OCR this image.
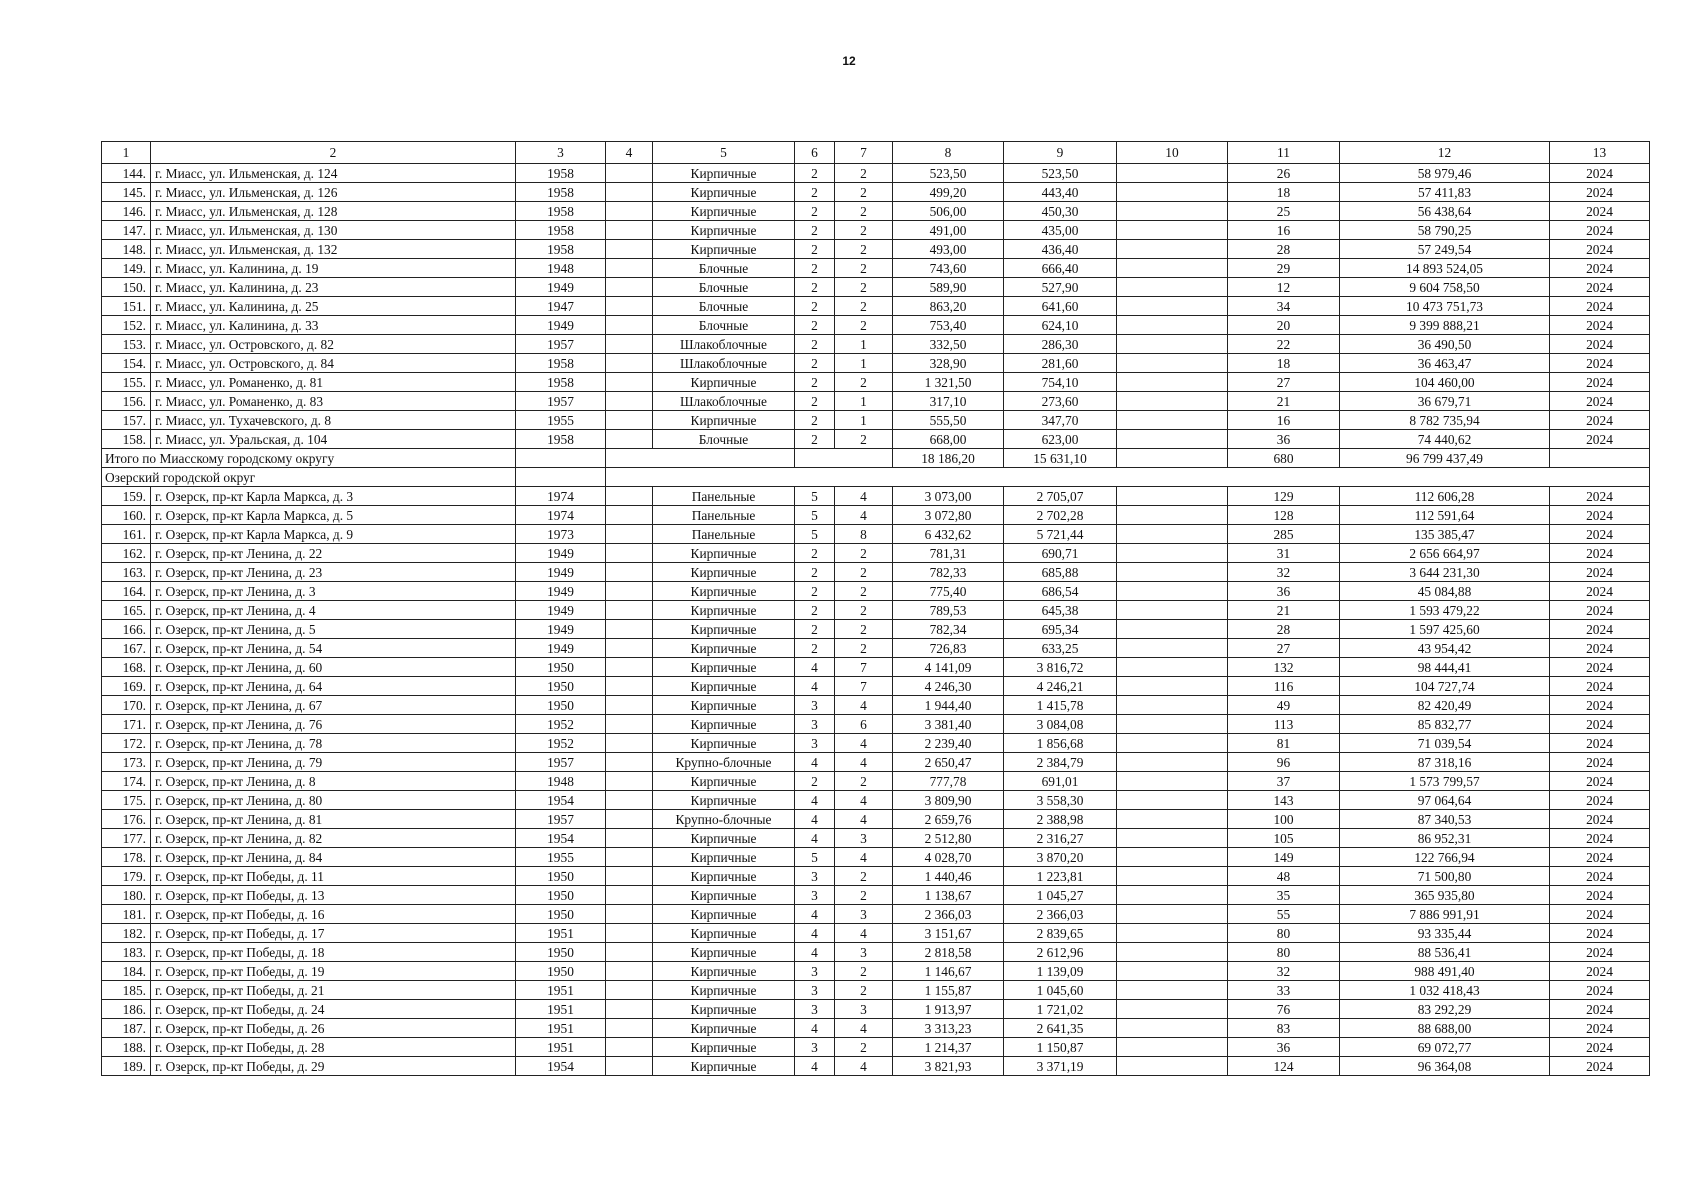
12
1	2	3	4	5	6	7	8	9	10	11	12	13
144.	г. Миасс, ул. Ильменская, д. 124	1958		Кирпичные	2	2	523,50	523,50		26	58 979,46	2024
145.	г. Миасс, ул. Ильменская, д. 126	1958		Кирпичные	2	2	499,20	443,40		18	57 411,83	2024
146.	г. Миасс, ул. Ильменская, д. 128	1958		Кирпичные	2	2	506,00	450,30		25	56 438,64	2024
147.	г. Миасс, ул. Ильменская, д. 130	1958		Кирпичные	2	2	491,00	435,00		16	58 790,25	2024
148.	г. Миасс, ул. Ильменская, д. 132	1958		Кирпичные	2	2	493,00	436,40		28	57 249,54	2024
149.	г. Миасс, ул. Калинина, д. 19	1948		Блочные	2	2	743,60	666,40		29	14 893 524,05	2024
150.	г. Миасс, ул. Калинина, д. 23	1949		Блочные	2	2	589,90	527,90		12	9 604 758,50	2024
151.	г. Миасс, ул. Калинина, д. 25	1947		Блочные	2	2	863,20	641,60		34	10 473 751,73	2024
152.	г. Миасс, ул. Калинина, д. 33	1949		Блочные	2	2	753,40	624,10		20	9 399 888,21	2024
153.	г. Миасс, ул. Островского, д. 82	1957		Шлакоблочные	2	1	332,50	286,30		22	36 490,50	2024
154.	г. Миасс, ул. Островского, д. 84	1958		Шлакоблочные	2	1	328,90	281,60		18	36 463,47	2024
155.	г. Миасс, ул. Романенко, д. 81	1958		Кирпичные	2	2	1 321,50	754,10		27	104 460,00	2024
156.	г. Миасс, ул. Романенко, д. 83	1957		Шлакоблочные	2	1	317,10	273,60		21	36 679,71	2024
157.	г. Миасс, ул. Тухачевского, д. 8	1955		Кирпичные	2	1	555,50	347,70		16	8 782 735,94	2024
158.	г. Миасс, ул. Уральская, д. 104	1958		Блочные	2	2	668,00	623,00		36	74 440,62	2024
Итого по Миасскому городскому округу							18 186,20	15 631,10		680	96 799 437,49	
Озерский городской округ												
159.	г. Озерск, пр-кт Карла Маркса, д. 3	1974		Панельные	5	4	3 073,00	2 705,07		129	112 606,28	2024
160.	г. Озерск, пр-кт Карла Маркса, д. 5	1974		Панельные	5	4	3 072,80	2 702,28		128	112 591,64	2024
161.	г. Озерск, пр-кт Карла Маркса, д. 9	1973		Панельные	5	8	6 432,62	5 721,44		285	135 385,47	2024
162.	г. Озерск, пр-кт Ленина, д. 22	1949		Кирпичные	2	2	781,31	690,71		31	2 656 664,97	2024
163.	г. Озерск, пр-кт Ленина, д. 23	1949		Кирпичные	2	2	782,33	685,88		32	3 644 231,30	2024
164.	г. Озерск, пр-кт Ленина, д. 3	1949		Кирпичные	2	2	775,40	686,54		36	45 084,88	2024
165.	г. Озерск, пр-кт Ленина, д. 4	1949		Кирпичные	2	2	789,53	645,38		21	1 593 479,22	2024
166.	г. Озерск, пр-кт Ленина, д. 5	1949		Кирпичные	2	2	782,34	695,34		28	1 597 425,60	2024
167.	г. Озерск, пр-кт Ленина, д. 54	1949		Кирпичные	2	2	726,83	633,25		27	43 954,42	2024
168.	г. Озерск, пр-кт Ленина, д. 60	1950		Кирпичные	4	7	4 141,09	3 816,72		132	98 444,41	2024
169.	г. Озерск, пр-кт Ленина, д. 64	1950		Кирпичные	4	7	4 246,30	4 246,21		116	104 727,74	2024
170.	г. Озерск, пр-кт Ленина, д. 67	1950		Кирпичные	3	4	1 944,40	1 415,78		49	82 420,49	2024
171.	г. Озерск, пр-кт Ленина, д. 76	1952		Кирпичные	3	6	3 381,40	3 084,08		113	85 832,77	2024
172.	г. Озерск, пр-кт Ленина, д. 78	1952		Кирпичные	3	4	2 239,40	1 856,68		81	71 039,54	2024
173.	г. Озерск, пр-кт Ленина, д. 79	1957		Крупно-блочные	4	4	2 650,47	2 384,79		96	87 318,16	2024
174.	г. Озерск, пр-кт Ленина, д. 8	1948		Кирпичные	2	2	777,78	691,01		37	1 573 799,57	2024
175.	г. Озерск, пр-кт Ленина, д. 80	1954		Кирпичные	4	4	3 809,90	3 558,30		143	97 064,64	2024
176.	г. Озерск, пр-кт Ленина, д. 81	1957		Крупно-блочные	4	4	2 659,76	2 388,98		100	87 340,53	2024
177.	г. Озерск, пр-кт Ленина, д. 82	1954		Кирпичные	4	3	2 512,80	2 316,27		105	86 952,31	2024
178.	г. Озерск, пр-кт Ленина, д. 84	1955		Кирпичные	5	4	4 028,70	3 870,20		149	122 766,94	2024
179.	г. Озерск, пр-кт Победы, д. 11	1950		Кирпичные	3	2	1 440,46	1 223,81		48	71 500,80	2024
180.	г. Озерск, пр-кт Победы, д. 13	1950		Кирпичные	3	2	1 138,67	1 045,27		35	365 935,80	2024
181.	г. Озерск, пр-кт Победы, д. 16	1950		Кирпичные	4	3	2 366,03	2 366,03		55	7 886 991,91	2024
182.	г. Озерск, пр-кт Победы, д. 17	1951		Кирпичные	4	4	3 151,67	2 839,65		80	93 335,44	2024
183.	г. Озерск, пр-кт Победы, д. 18	1950		Кирпичные	4	3	2 818,58	2 612,96		80	88 536,41	2024
184.	г. Озерск, пр-кт Победы, д. 19	1950		Кирпичные	3	2	1 146,67	1 139,09		32	988 491,40	2024
185.	г. Озерск, пр-кт Победы, д. 21	1951		Кирпичные	3	2	1 155,87	1 045,60		33	1 032 418,43	2024
186.	г. Озерск, пр-кт Победы, д. 24	1951		Кирпичные	3	3	1 913,97	1 721,02		76	83 292,29	2024
187.	г. Озерск, пр-кт Победы, д. 26	1951		Кирпичные	4	4	3 313,23	2 641,35		83	88 688,00	2024
188.	г. Озерск, пр-кт Победы, д. 28	1951		Кирпичные	3	2	1 214,37	1 150,87		36	69 072,77	2024
189.	г. Озерск, пр-кт Победы, д. 29	1954		Кирпичные	4	4	3 821,93	3 371,19		124	96 364,08	2024
